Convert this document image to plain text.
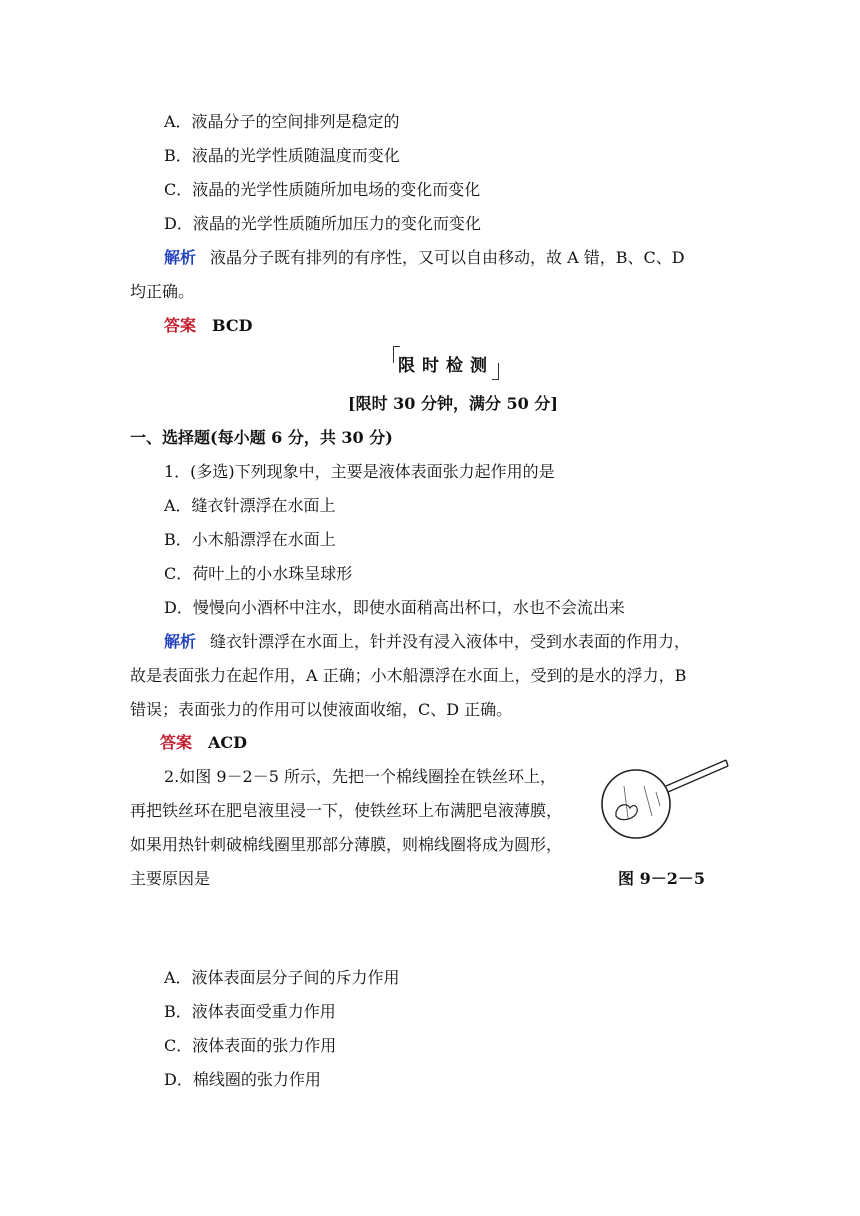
A．液晶分子的空间排列是稳定的
B．液晶的光学性质随温度而变化
C．液晶的光学性质随所加电场的变化而变化
D．液晶的光学性质随所加压力的变化而变化
解析 液晶分子既有排列的有序性，又可以自由移动，故 A 错，B、C、D
均正确。
答案 BCD
限时检测
[限时 30 分钟，满分 50 分]
一、选择题(每小题 6 分，共 30 分)
1．(多选)下列现象中，主要是液体表面张力起作用的是
A．缝衣针漂浮在水面上
B．小木船漂浮在水面上
C．荷叶上的小水珠呈球形
D．慢慢向小酒杯中注水，即使水面稍高出杯口，水也不会流出来
解析 缝衣针漂浮在水面上，针并没有浸入液体中，受到水表面的作用力，
故是表面张力在起作用，A 正确；小木船漂浮在水面上，受到的是水的浮力，B
错误；表面张力的作用可以使液面收缩，C、D 正确。
答案 ACD
2.如图 9－2－5 所示，先把一个棉线圈拴在铁丝环上，
再把铁丝环在肥皂液里浸一下，使铁丝环上布满肥皂液薄膜，
如果用热针刺破棉线圈里那部分薄膜，则棉线圈将成为圆形，
主要原因是	图 9－2－5
A．液体表面层分子间的斥力作用
B．液体表面受重力作用
C．液体表面的张力作用
D．棉线圈的张力作用
